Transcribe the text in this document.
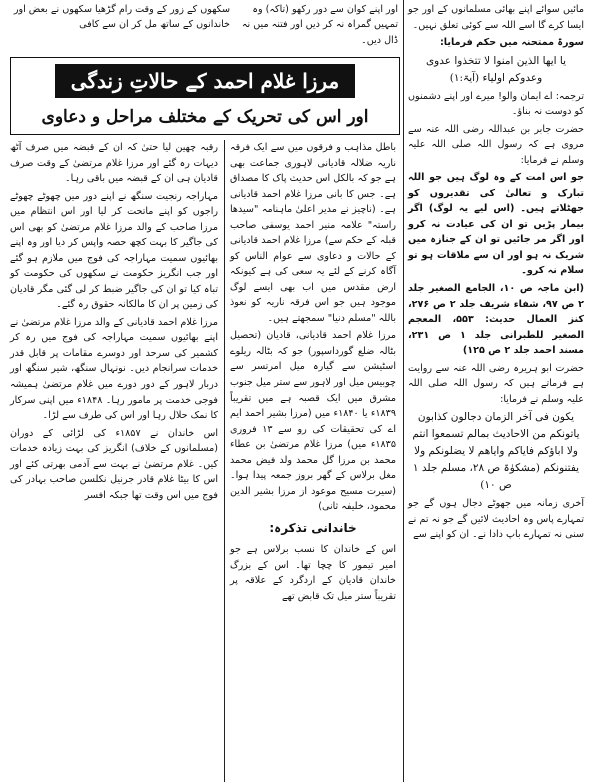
اور اپنے کوان سے دور رکھو (تاکہ) وہ تمہیں گمراہ نہ کر دیں اور فتنہ میں نہ ڈال دیں۔
سکھوں کے زور کے وقت رام گڑھیا سکھوں نے بعض اور خاندانوں کے ساتھ مل کر ان سے کافی
مرزا غلام احمد کے حالاتِ زندگی
اور اس کی تحریک کے مختلف مراحل و دعاوی

مائیں سوائے اپنے بھائی مسلمانوں کے اور جو ایسا کرے گا اسے اللہ سے کوئی تعلق نہیں۔

سورۃ ممتحنہ میں حکم فرمایا:

یا ایھا الذین امنوا لا تتخذوا عدوی وعدوکم اولیاء (آیۃ:۱)

ترجمہ: اے ایمان والو! میرے اور اپنے دشمنوں کو دوست نہ بناؤ۔

حضرت جابر بن عبداللہ رضی اللہ عنہ سے مروی ہے کہ رسول اللہ صلی اللہ علیہ وسلم نے فرمایا:

جو اس امت کے وہ لوگ ہیں جو اللہ تبارک و تعالیٰ کی تقدیروں کو جھٹلاتے ہیں۔ (اس لیے یہ لوگ) اگر بیمار پڑیں تو ان کی عیادت نہ کرو اور اگر مر جائیں تو ان کے جنازہ میں شریک نہ ہو اور ان سے ملاقات ہو تو سلام نہ کرو۔

(ابن ماجہ ص ۱۰، الجامع الصغیر جلد ۲ ص ۹۷، شفاء شریف جلد ۲ ص ۲۷۶، کنز العمال حدیث: ۵۵۳، المعجم الصغیر للطبرانی جلد ۱ ص ۲۳۱، مسند احمد جلد ۲ ص ۱۲۵)

حضرت ابو ہریرہ رضی اللہ عنہ سے روایت ہے فرماتے ہیں کہ رسول اللہ صلی اللہ علیہ وسلم نے فرمایا:

یکون فی آخر الزمان دجالون کذابون یاتونکم من الاحادیث بمالم تسمعوا انتم ولا اباؤکم فایاکم وایاھم لا یضلونکم ولا یفتنونکم (مشکوٰۃ ص ۲۸، مسلم جلد ۱ ص ۱۰)

آخری زمانہ میں جھوٹے دجال ہوں گے جو تمہارے پاس وہ احادیث لائیں گے جو نہ تم نے سنی نہ تمہارے باپ دادا نے۔ ان کو اپنے سے

باطل مذاہب و فرقوں میں سے ایک فرقہ ناریہ ضلالہ قادیانی لاہوری جماعت بھی ہے جو کہ بالکل اس حدیث پاک کا مصداق ہے۔ جس کا بانی مرزا غلام احمد قادیانی ہے۔ (ناچیز نے مدیر اعلیٰ ماہنامہ "سیدھا راستہ" علامہ منیر احمد یوسفی صاحب قبلہ کے حکم سے) مرزا غلام احمد قادیانی کے حالات و دعاوی سے عوام الناس کو آگاہ کرنے کے لئے یہ سعی کی ہے کیونکہ ارض مقدس میں اب بھی ایسے لوگ موجود ہیں جو اس فرقہ ناریہ کو نعوذ باللہ "مسلم دنیا" سمجھتے ہیں۔

مرزا غلام احمد قادیانی، قادیان (تحصیل بٹالہ ضلع گورداسپور) جو کہ بٹالہ ریلوے اسٹیشن سے گیارہ میل امرتسر سے چوبیس میل اور لاہور سے ستر میل جنوب مشرق میں ایک قصبہ ہے میں تقریباً ۱۸۳۹ء یا ۱۸۴۰ء میں (مرزا بشیر احمد ایم اے کی تحقیقات کی رو سے ۱۳ فروری ۱۸۳۵ء میں) مرزا غلام مرتضیٰ بن عطاء محمد بن مرزا گل محمد ولد فیض محمد مغل برلاس کے گھر بروز جمعہ پیدا ہوا۔ (سیرت مسیح موعود از مرزا بشیر الدین محمود، خلیفہ ثانی)

خاندانی تذکرہ:

اس کے خاندان کا نسب برلاس ہے جو امیر تیمور کا چچا تھا۔ اس کے بزرگ خاندان قادیان کے اردگرد کے علاقہ پر تقریباً ستر میل تک قابض تھے

رقبہ چھین لیا حتیٰ کہ ان کے قبضہ میں صرف آٹھ دیہات رہ گئے اور مرزا غلام مرتضیٰ کے وقت صرف قادیان ہی ان کے قبضہ میں باقی رہا۔

مہاراجہ رنجیت سنگھ نے اپنے دور میں چھوٹے چھوٹے راجوں کو اپنے ماتحت کر لیا اور اس انتظام میں مرزا صاحب کے والد مرزا غلام مرتضیٰ کو بھی اس کی جاگیر کا بہت کچھ حصہ واپس کر دیا اور وہ اپنے بھائیوں سمیت مہاراجہ کی فوج میں ملازم ہو گئے اور جب انگریز حکومت نے سکھوں کی حکومت کو تباہ کیا تو ان کی جاگیر ضبط کر لی گئی مگر قادیان کی زمین پر ان کا مالکانہ حقوق رہ گئے۔

مرزا غلام احمد قادیانی کے والد مرزا غلام مرتضیٰ نے اپنے بھائیوں سمیت مہاراجہ کی فوج میں رہ کر کشمیر کی سرحد اور دوسرے مقامات پر قابل قدر خدمات سرانجام دیں۔ نونہال سنگھ، شیر سنگھ اور دربار لاہور کے دور دورے میں غلام مرتضیٰ ہمیشہ فوجی خدمت پر مامور رہا۔ ۱۸۴۸ء میں اپنی سرکار کا نمک حلال رہا اور اس کی طرف سے لڑا۔

اس خاندان نے ۱۸۵۷ء کی لڑائی کے دوران (مسلمانوں کے خلاف) انگریز کی بہت زیادہ خدمات کیں۔ غلام مرتضیٰ نے بہت سے آدمی بھرتی کئے اور اس کا بیٹا غلام قادر جرنیل نکلسن صاحب بہادر کی فوج میں اس وقت تھا جبکہ افسر
